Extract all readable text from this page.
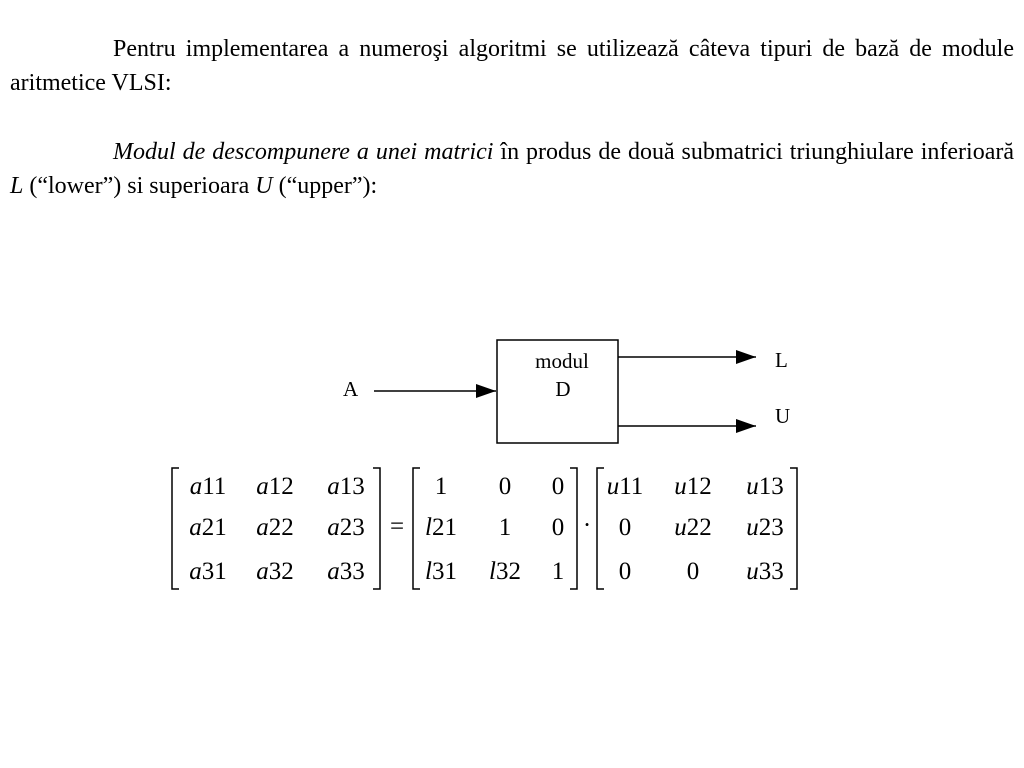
Pentru implementarea a numeroşi algoritmi se utilizează câteva tipuri de bază de module aritmetice VLSI:

Modul de descompunere a unei matrici în produs de două submatrici triunghiulare inferioară L (“lower”) si superioara U (“upper”):

A
modul
D
L
U
=	·
a11 a12 a13
a21 a22 a23
a31 a32 a33
1 0 0
l21 1 0
l31 l32 1
u11 u12 u13
0 u22 u23
0 0 u33
